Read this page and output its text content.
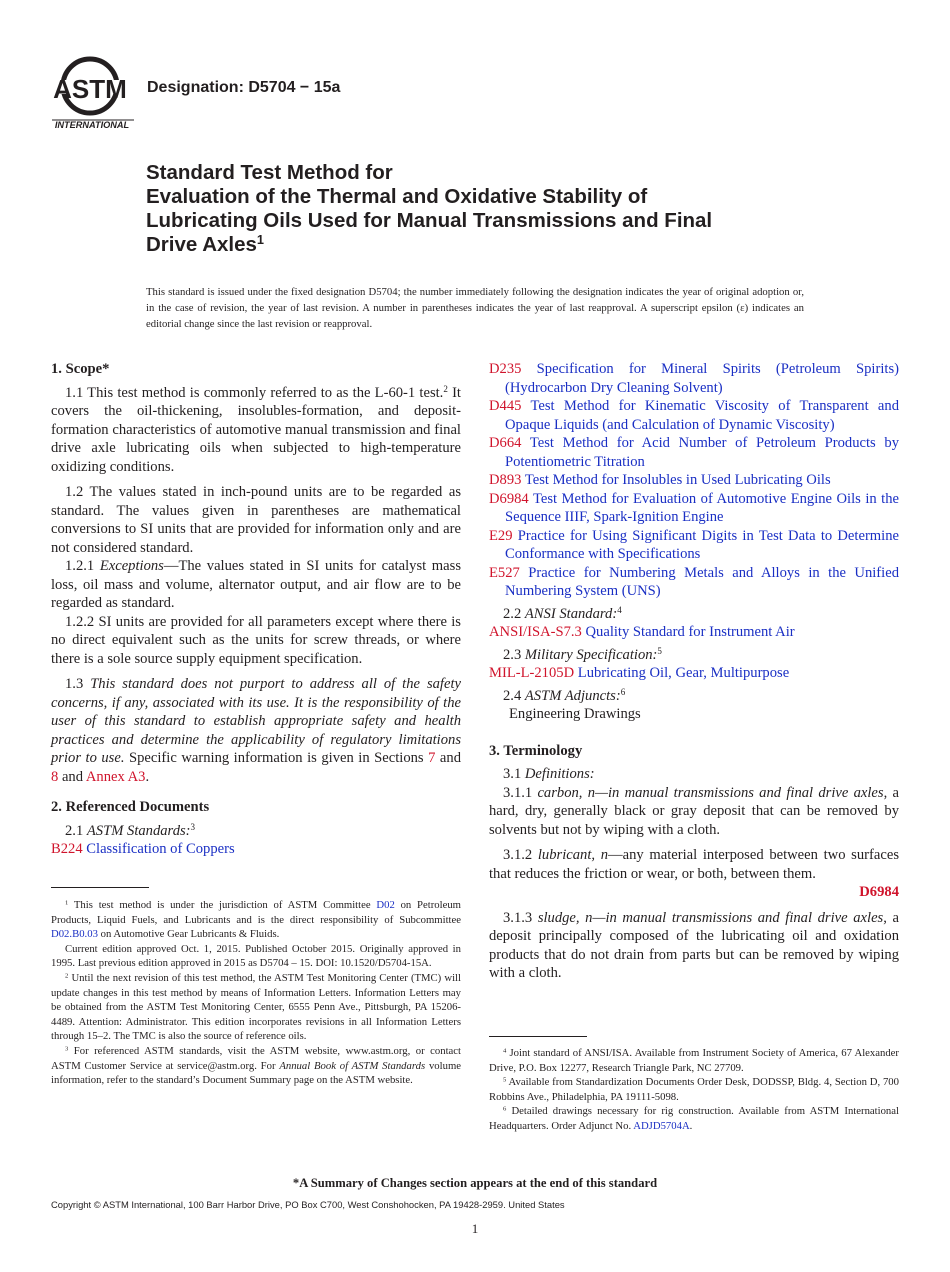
ASTM
INTERNATIONAL
Designation: D5704 − 15a
Standard Test Method for
Evaluation of the Thermal and Oxidative Stability of
Lubricating Oils Used for Manual Transmissions and Final
Drive Axles$^1$
This standard is issued under the fixed designation D5704; the number immediately following the designation indicates the year of original adoption or, in the case of revision, the year of last revision. A number in parentheses indicates the year of last reapproval. A superscript epsilon (ε) indicates an editorial change since the last revision or reapproval.
1. Scope*

1.1 This test method is commonly referred to as the L-60-1 test.$^2$ It covers the oil-thickening, insolubles-formation, and deposit-formation characteristics of automotive manual transmission and final drive axle lubricating oils when subjected to high-temperature oxidizing conditions.

1.2 The values stated in inch-pound units are to be regarded as standard. The values given in parentheses are mathematical conversions to SI units that are provided for information only and are not considered standard.

1.2.1 Exceptions—The values stated in SI units for catalyst mass loss, oil mass and volume, alternator output, and air flow are to be regarded as standard.

1.2.2 SI units are provided for all parameters except where there is no direct equivalent such as the units for screw threads, or where there is a sole source supply equipment specification.

1.3 This standard does not purport to address all of the safety concerns, if any, associated with its use. It is the responsibility of the user of this standard to establish appropriate safety and health practices and determine the applicability of regulatory limitations prior to use. Specific warning information is given in Sections 7 and 8 and Annex A3.

2. Referenced Documents

2.1 ASTM Standards:$^3$

B224 Classification of Coppers

$^1$ This test method is under the jurisdiction of ASTM Committee D02 on Petroleum Products, Liquid Fuels, and Lubricants and is the direct responsibility of Subcommittee D02.B0.03 on Automotive Gear Lubricants & Fluids.

Current edition approved Oct. 1, 2015. Published October 2015. Originally approved in 1995. Last previous edition approved in 2015 as D5704 – 15. DOI: 10.1520/D5704-15A.

$^2$ Until the next revision of this test method, the ASTM Test Monitoring Center (TMC) will update changes in this test method by means of Information Letters. Information Letters may be obtained from the ASTM Test Monitoring Center, 6555 Penn Ave., Pittsburgh, PA 15206-4489. Attention: Administrator. This edition incorporates revisions in all Information Letters through 15–2. The TMC is also the source of reference oils.

$^3$ For referenced ASTM standards, visit the ASTM website, www.astm.org, or contact ASTM Customer Service at service@astm.org. For Annual Book of ASTM Standards volume information, refer to the standard’s Document Summary page on the ASTM website.

D235 Specification for Mineral Spirits (Petroleum Spirits) (Hydrocarbon Dry Cleaning Solvent)

D445 Test Method for Kinematic Viscosity of Transparent and Opaque Liquids (and Calculation of Dynamic Viscosity)

D664 Test Method for Acid Number of Petroleum Products by Potentiometric Titration

D893 Test Method for Insolubles in Used Lubricating Oils

D6984 Test Method for Evaluation of Automotive Engine Oils in the Sequence IIIF, Spark-Ignition Engine

E29 Practice for Using Significant Digits in Test Data to Determine Conformance with Specifications

E527 Practice for Numbering Metals and Alloys in the Unified Numbering System (UNS)

2.2 ANSI Standard:$^4$

ANSI/ISA-S7.3 Quality Standard for Instrument Air

2.3 Military Specification:$^5$

MIL-L-2105D Lubricating Oil, Gear, Multipurpose

2.4 ASTM Adjuncts:$^6$

Engineering Drawings

3. Terminology

3.1 Definitions:

3.1.1 carbon, n—in manual transmissions and final drive axles, a hard, dry, generally black or gray deposit that can be removed by solvents but not by wiping with a cloth.

3.1.2 lubricant, n—any material interposed between two surfaces that reduces the friction or wear, or both, between them.

D6984

3.1.3 sludge, n—in manual transmissions and final drive axles, a deposit principally composed of the lubricating oil and oxidation products that do not drain from parts but can be removed by wiping with a cloth.

$^4$ Joint standard of ANSI/ISA. Available from Instrument Society of America, 67 Alexander Drive, P.O. Box 12277, Research Triangle Park, NC 27709.

$^5$ Available from Standardization Documents Order Desk, DODSSP, Bldg. 4, Section D, 700 Robbins Ave., Philadelphia, PA 19111-5098.

$^6$ Detailed drawings necessary for rig construction. Available from ASTM International Headquarters. Order Adjunct No. ADJD5704A.

*A Summary of Changes section appears at the end of this standard
Copyright © ASTM International, 100 Barr Harbor Drive, PO Box C700, West Conshohocken, PA 19428-2959. United States
1
